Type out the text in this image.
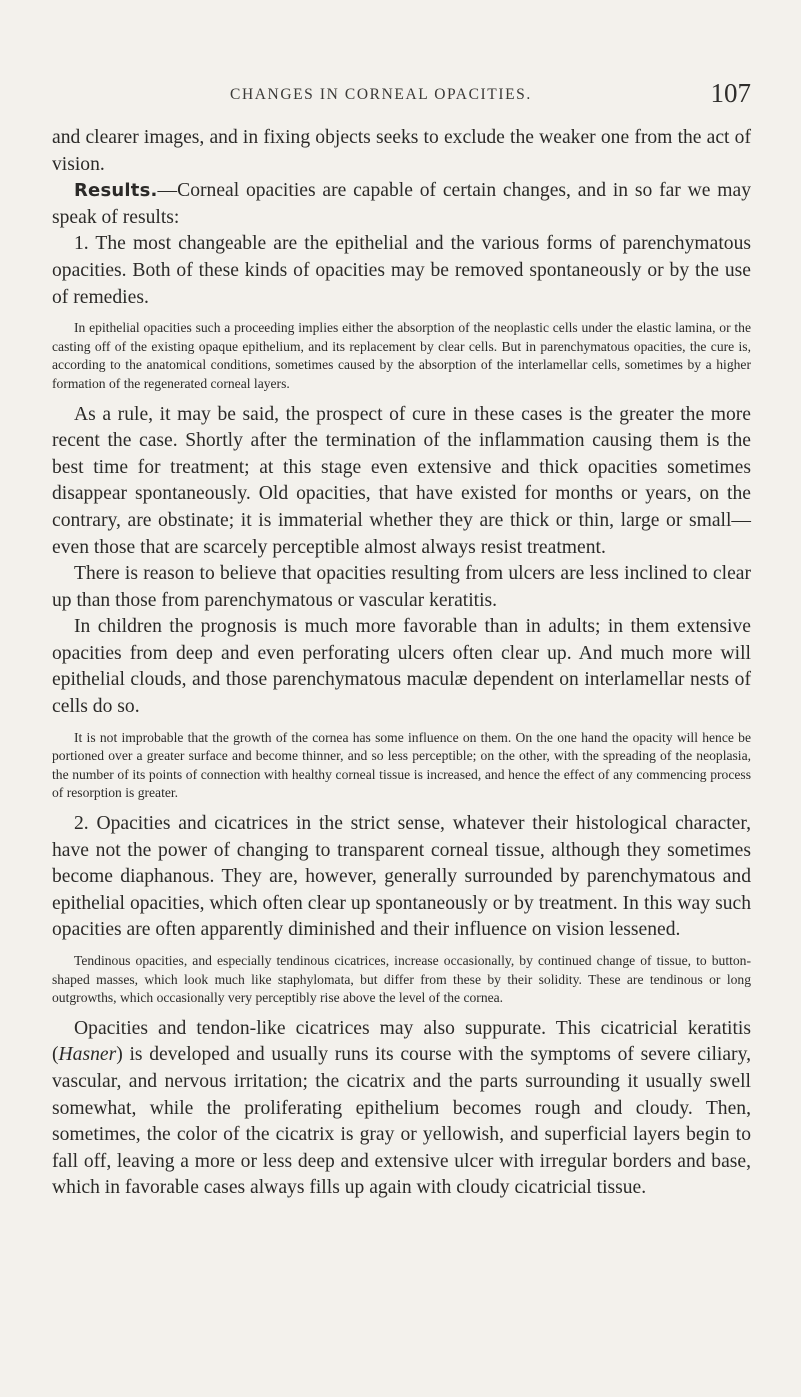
CHANGES IN CORNEAL OPACITIES.	107

and clearer images, and in fixing objects seeks to exclude the weaker one from the act of vision.

Results.—Corneal opacities are capable of certain changes, and in so far we may speak of results:

1. The most changeable are the epithelial and the various forms of parenchymatous opacities. Both of these kinds of opacities may be removed spontaneously or by the use of remedies.

In epithelial opacities such a proceeding implies either the absorption of the neoplastic cells under the elastic lamina, or the casting off of the existing opaque epithelium, and its replacement by clear cells. But in parenchymatous opacities, the cure is, according to the anatomical conditions, sometimes caused by the absorption of the interlamellar cells, sometimes by a higher formation of the regenerated corneal layers.

As a rule, it may be said, the prospect of cure in these cases is the greater the more recent the case. Shortly after the termination of the inflammation causing them is the best time for treatment; at this stage even extensive and thick opacities sometimes disappear spontaneously. Old opacities, that have existed for months or years, on the contrary, are obstinate; it is immaterial whether they are thick or thin, large or small—even those that are scarcely perceptible almost always resist treatment.

There is reason to believe that opacities resulting from ulcers are less inclined to clear up than those from parenchymatous or vascular keratitis.

In children the prognosis is much more favorable than in adults; in them extensive opacities from deep and even perforating ulcers often clear up. And much more will epithelial clouds, and those parenchymatous maculæ dependent on interlamellar nests of cells do so.

It is not improbable that the growth of the cornea has some influence on them. On the one hand the opacity will hence be portioned over a greater surface and become thinner, and so less perceptible; on the other, with the spreading of the neoplasia, the number of its points of connection with healthy corneal tissue is increased, and hence the effect of any commencing process of resorption is greater.

2. Opacities and cicatrices in the strict sense, whatever their histological character, have not the power of changing to transparent corneal tissue, although they sometimes become diaphanous. They are, however, generally surrounded by parenchymatous and epithelial opacities, which often clear up spontaneously or by treatment. In this way such opacities are often apparently diminished and their influence on vision lessened.

Tendinous opacities, and especially tendinous cicatrices, increase occasionally, by continued change of tissue, to button-shaped masses, which look much like staphylomata, but differ from these by their solidity. These are tendinous or long outgrowths, which occasionally very perceptibly rise above the level of the cornea.

Opacities and tendon-like cicatrices may also suppurate. This cicatricial keratitis (Hasner) is developed and usually runs its course with the symptoms of severe ciliary, vascular, and nervous irritation; the cicatrix and the parts surrounding it usually swell somewhat, while the proliferating epithelium becomes rough and cloudy. Then, sometimes, the color of the cicatrix is gray or yellowish, and superficial layers begin to fall off, leaving a more or less deep and extensive ulcer with irregular borders and base, which in favorable cases always fills up again with cloudy cicatricial tissue.
